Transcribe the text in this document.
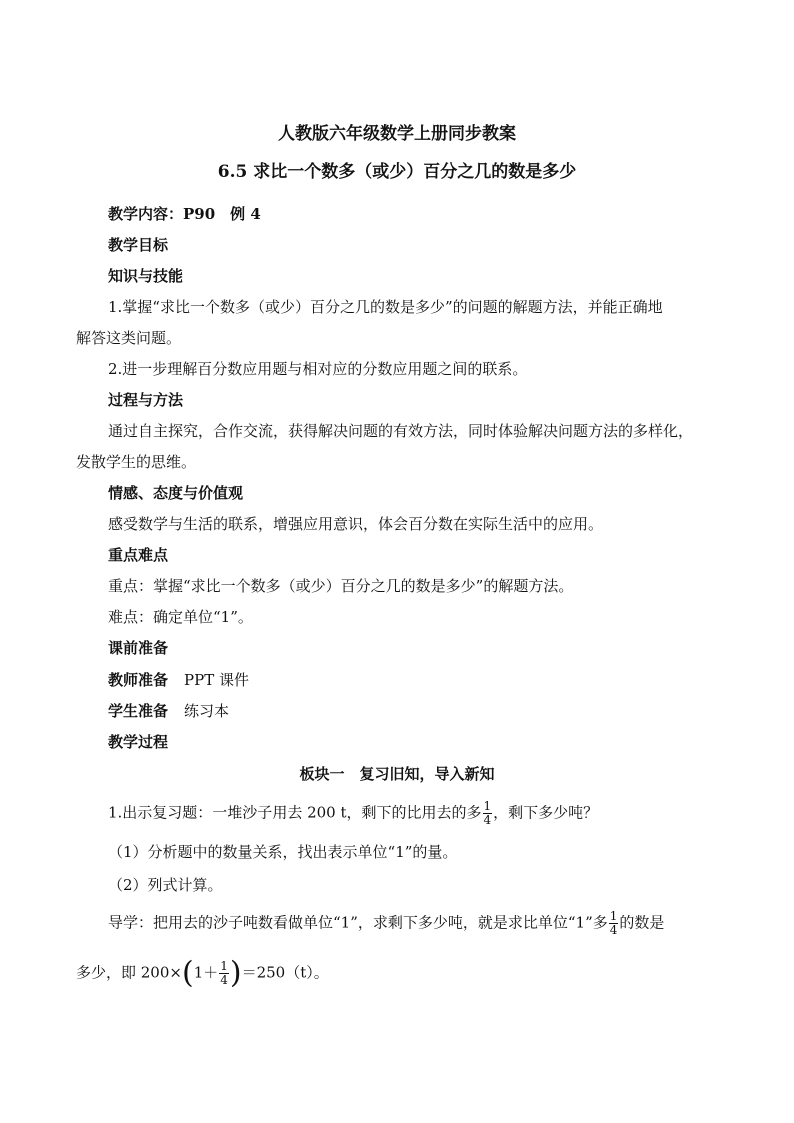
人教版六年级数学上册同步教案
6.5 求比一个数多（或少）百分之几的数是多少
教学内容：P90　例 4
教学目标
知识与技能
1.掌握“求比一个数多（或少）百分之几的数是多少”的问题的解题方法，并能正确地
解答这类问题。
2.进一步理解百分数应用题与相对应的分数应用题之间的联系。
过程与方法
通过自主探究，合作交流，获得解决问题的有效方法，同时体验解决问题方法的多样化，
发散学生的思维。
情感、态度与价值观
感受数学与生活的联系，增强应用意识，体会百分数在实际生活中的应用。
重点难点
重点：掌握“求比一个数多（或少）百分之几的数是多少”的解题方法。
难点：确定单位“1”。
课前准备
教师准备 PPT 课件
学生准备 练习本
教学过程
板块一　复习旧知，导入新知
1.出示复习题：一堆沙子用去 200 t，剩下的比用去的多 $\frac{1}{4}$ ，剩下多少吨？
（1）分析题中的数量关系，找出表示单位“1”的量。
（2）列式计算。
导学：把用去的沙子吨数看做单位“1”，求剩下多少吨，就是求比单位“1”多 $\frac{1}{4}$ 的数是
多少，即 $200\times(1+ \frac{1}{4} )=250(t)$。
